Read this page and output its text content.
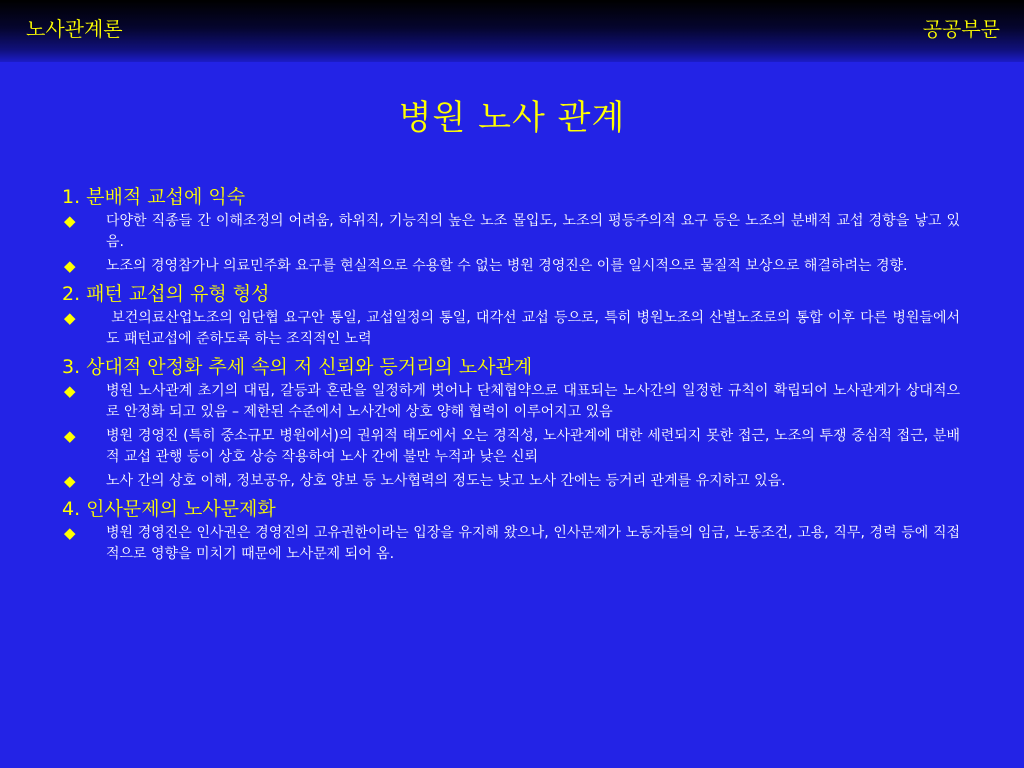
노사관계론	공공부문
병원 노사 관계

1. 분배적 교섭에 익숙

◆	다양한 직종들 간 이해조정의 어려움, 하위직, 기능직의 높은 노조 몰입도, 노조의 평등주의적 요구 등은 노조의 분배적 교섭 경향을 낳고 있음.
◆	노조의 경영참가나 의료민주화 요구를 현실적으로 수용할 수 없는 병원 경영진은 이를 일시적으로 물질적 보상으로 해결하려는 경향.

2. 패턴 교섭의 유형 형성

◆	보건의료산업노조의 임단협 요구안 통일, 교섭일정의 통일, 대각선 교섭 등으로, 특히 병원노조의 산별노조로의 통합 이후 다른 병원들에서도 패턴교섭에 준하도록 하는 조직적인 노력

3. 상대적 안정화 추세 속의 저 신뢰와 등거리의 노사관계

◆	병원 노사관계 초기의 대립, 갈등과 혼란을 일정하게 벗어나 단체협약으로 대표되는 노사간의 일정한 규칙이 확립되어 노사관계가 상대적으로 안정화 되고 있음 – 제한된 수준에서 노사간에 상호 양해 협력이 이루어지고 있음
◆	병원 경영진 (특히 중소규모 병원에서)의 권위적 태도에서 오는 경직성, 노사관계에 대한 세련되지 못한 접근, 노조의 투쟁 중심적 접근, 분배적 교섭 관행 등이 상호 상승 작용하여 노사 간에 불만 누적과 낮은 신뢰
◆	노사 간의 상호 이해, 정보공유, 상호 양보 등 노사협력의 정도는 낮고 노사 간에는 등거리 관계를 유지하고 있음.

4. 인사문제의 노사문제화

◆	병원 경영진은 인사권은 경영진의 고유권한이라는 입장을 유지해 왔으나, 인사문제가 노동자들의 임금, 노동조건, 고용, 직무, 경력 등에 직접적으로 영향을 미치기 때문에 노사문제 되어 옴.
